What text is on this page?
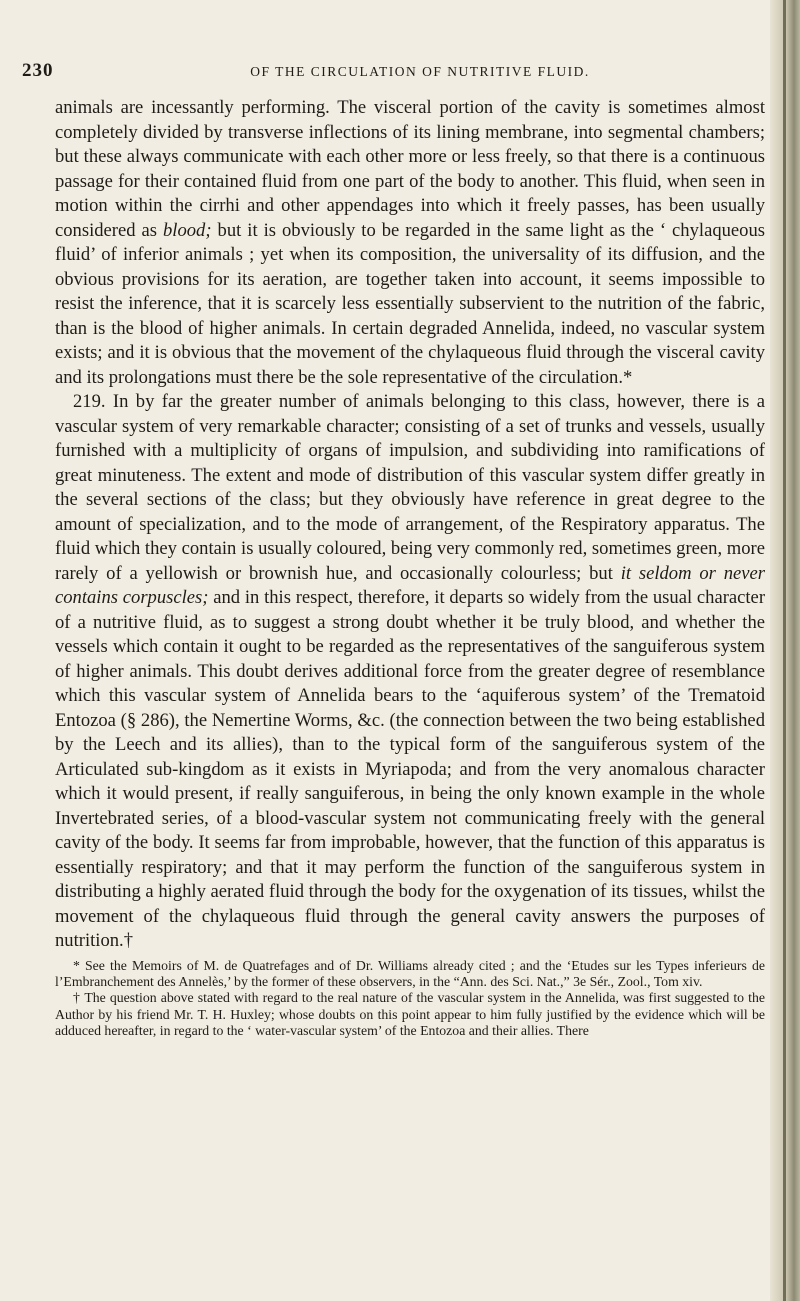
230	OF THE CIRCULATION OF NUTRITIVE FLUID.

animals are incessantly performing. The visceral portion of the cavity is sometimes almost completely divided by transverse inflections of its lining membrane, into segmental chambers; but these always communicate with each other more or less freely, so that there is a continuous passage for their contained fluid from one part of the body to another. This fluid, when seen in motion within the cirrhi and other appendages into which it freely passes, has been usually considered as blood; but it is obviously to be regarded in the same light as the ‘ chylaqueous fluid’ of inferior animals ; yet when its composition, the universality of its diffusion, and the obvious provisions for its aeration, are together taken into account, it seems impossible to resist the inference, that it is scarcely less essentially subservient to the nutrition of the fabric, than is the blood of higher animals. In certain degraded Annelida, indeed, no vascular system exists; and it is obvious that the movement of the chylaqueous fluid through the visceral cavity and its prolongations must there be the sole representative of the circulation.*

219. In by far the greater number of animals belonging to this class, however, there is a vascular system of very remarkable character; consisting of a set of trunks and vessels, usually furnished with a multiplicity of organs of impulsion, and subdividing into ramifications of great minuteness. The extent and mode of distribution of this vascular system differ greatly in the several sections of the class; but they obviously have reference in great degree to the amount of specialization, and to the mode of arrangement, of the Respiratory apparatus. The fluid which they contain is usually coloured, being very commonly red, sometimes green, more rarely of a yellowish or brownish hue, and occasionally colourless; but it seldom or never contains corpuscles; and in this respect, therefore, it departs so widely from the usual character of a nutritive fluid, as to suggest a strong doubt whether it be truly blood, and whether the vessels which contain it ought to be regarded as the representatives of the sanguiferous system of higher animals. This doubt derives additional force from the greater degree of resemblance which this vascular system of Annelida bears to the ‘aquiferous system’ of the Trematoid Entozoa (§ 286), the Nemertine Worms, &c. (the connection between the two being established by the Leech and its allies), than to the typical form of the sanguiferous system of the Articulated sub-kingdom as it exists in Myriapoda; and from the very anomalous character which it would present, if really sanguiferous, in being the only known example in the whole Invertebrated series, of a blood-vascular system not communicating freely with the general cavity of the body. It seems far from improbable, however, that the function of this apparatus is essentially respiratory; and that it may perform the function of the sanguiferous system in distributing a highly aerated fluid through the body for the oxygenation of its tissues, whilst the movement of the chylaqueous fluid through the general cavity answers the purposes of nutrition.†

* See the Memoirs of M. de Quatrefages and of Dr. Williams already cited ; and the ‘Etudes sur les Types inferieurs de l’Embranchement des Annelès,’ by the former of these observers, in the “Ann. des Sci. Nat.,” 3e Sér., Zool., Tom xiv.

† The question above stated with regard to the real nature of the vascular system in the Annelida, was first suggested to the Author by his friend Mr. T. H. Huxley; whose doubts on this point appear to him fully justified by the evidence which will be adduced hereafter, in regard to the ‘ water-vascular system’ of the Entozoa and their allies. There
